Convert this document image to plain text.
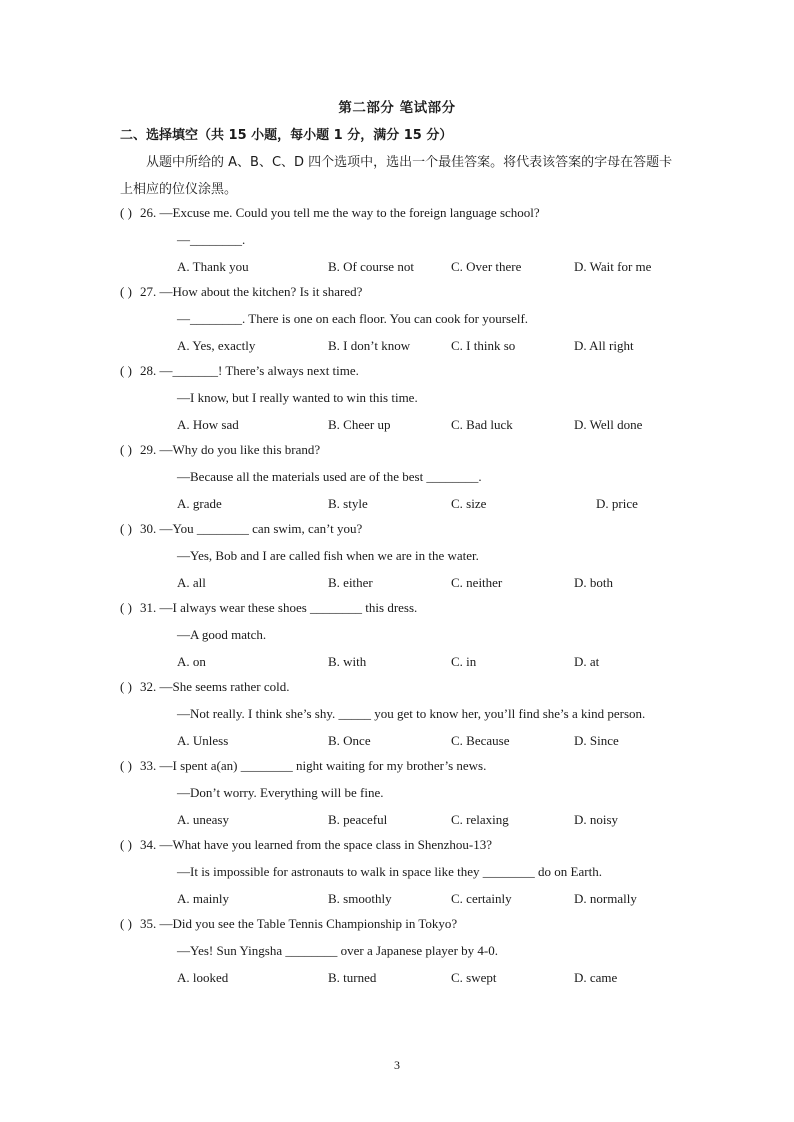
第二部分 笔试部分
二、选择填空（共 15 小题，每小题 1 分，满分 15 分）
从题中所给的 A、B、C、D 四个选项中，选出一个最佳答案。将代表该答案的字母在答题卡上相应的位仪涂黑。
( ) 26. —Excuse me. Could you tell me the way to the foreign language school?
—________.
A. Thank you	B. Of course not	C. Over there	D. Wait for me
( ) 27. —How about the kitchen? Is it shared?
—________. There is one on each floor. You can cook for yourself.
A. Yes, exactly	B. I don’t know	C. I think so	D. All right
( ) 28. —_______! There’s always next time.
—I know, but I really wanted to win this time.
A. How sad	B. Cheer up	C. Bad luck	D. Well done
( ) 29. —Why do you like this brand?
—Because all the materials used are of the best ________.
A. grade	B. style	C. size	D. price
( ) 30. —You ________ can swim, can’t you?
—Yes, Bob and I are called fish when we are in the water.
A. all	B. either	C. neither	D. both
( ) 31. —I always wear these shoes ________ this dress.
—A good match.
A. on	B. with	C. in	D. at
( ) 32. —She seems rather cold.
—Not really. I think she’s shy. _____ you get to know her, you’ll find she’s a kind person.
A. Unless	B. Once	C. Because	D. Since
( ) 33. —I spent a(an) ________ night waiting for my brother’s news.
—Don’t worry. Everything will be fine.
A. uneasy	B. peaceful	C. relaxing	D. noisy
( ) 34. —What have you learned from the space class in Shenzhou-13?
—It is impossible for astronauts to walk in space like they ________ do on Earth.
A. mainly	B. smoothly	C. certainly	D. normally
( ) 35. —Did you see the Table Tennis Championship in Tokyo?
—Yes! Sun Yingsha ________ over a Japanese player by 4-0.
A. looked	B. turned	C. swept	D. came
3
